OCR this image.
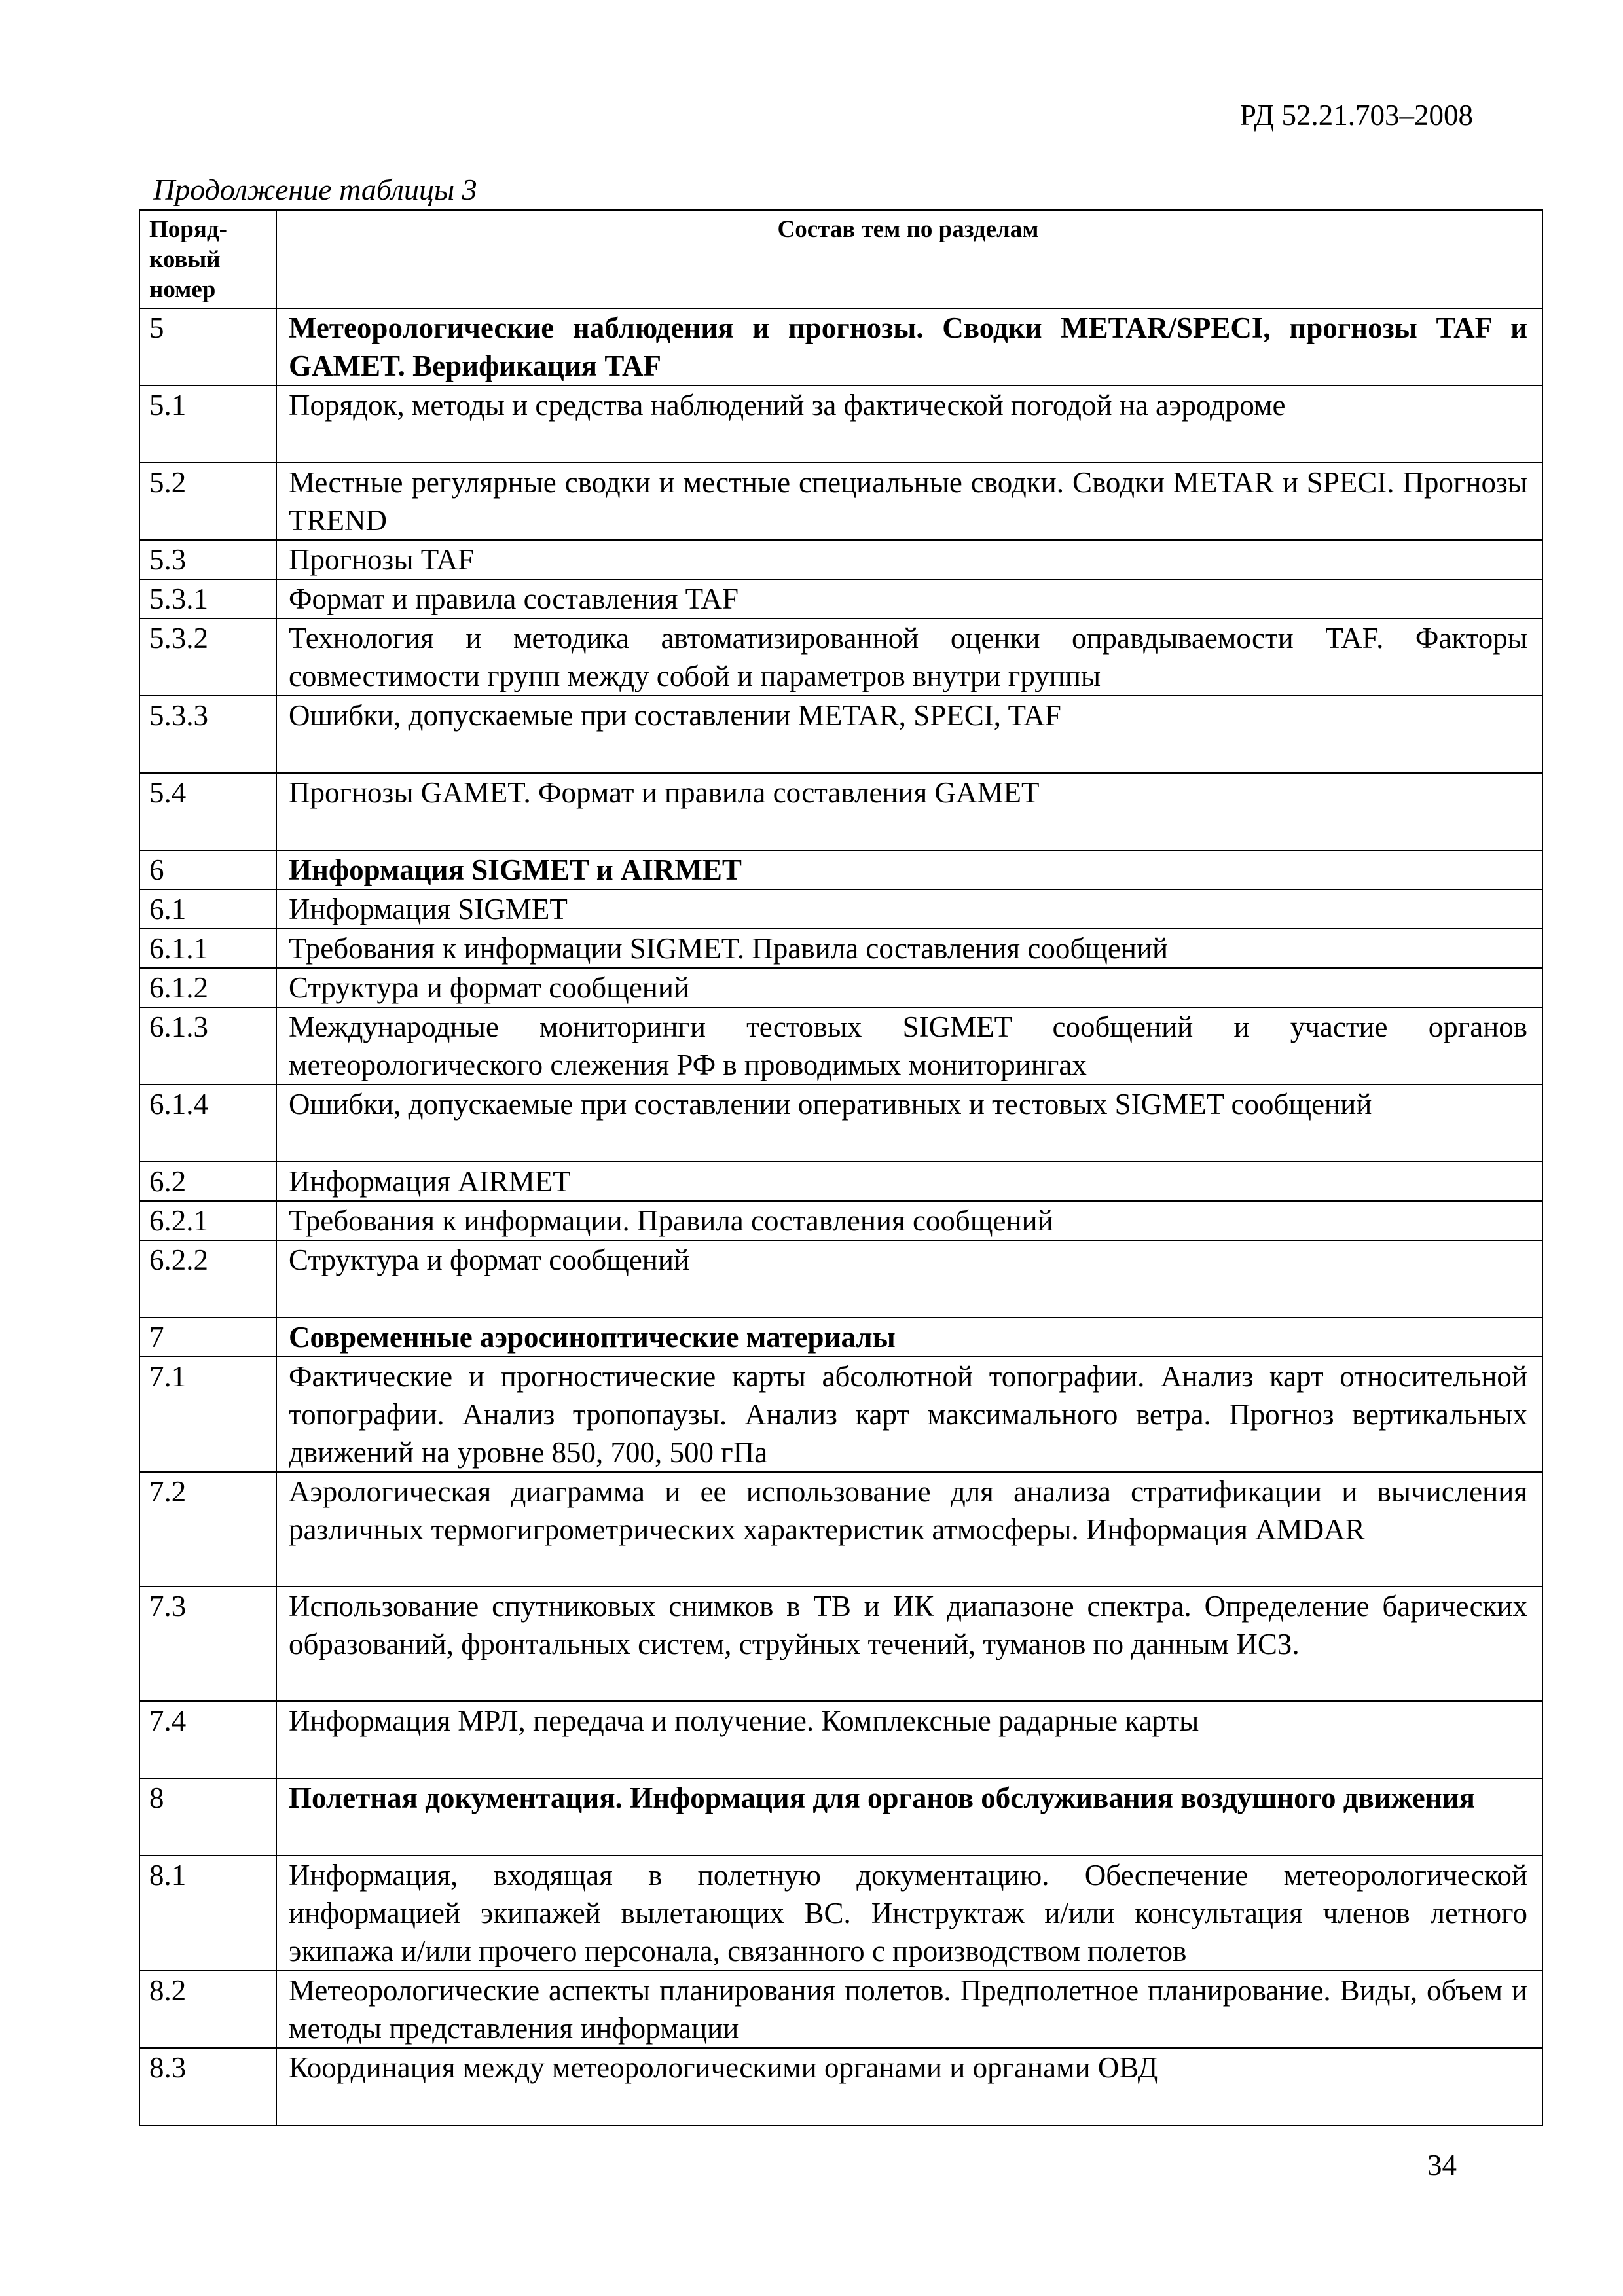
РД 52.21.703–2008
Продолжение таблицы 3
Поряд-ковый номер	Состав тем по разделам
5	Метеорологические наблюдения и прогнозы. Сводки METAR/SPECI, прогнозы TAF и GAMET. Верификация TAF
5.1	Порядок, методы и средства наблюдений за фактической погодой на аэродроме
5.2	Местные регулярные сводки и местные специальные сводки. Сводки METAR и SPECI. Прогнозы TREND
5.3	Прогнозы TAF
5.3.1	Формат и правила составления TAF
5.3.2	Технология и методика автоматизированной оценки оправдываемости TAF. Факторы совместимости групп между собой и параметров внутри группы
5.3.3	Ошибки, допускаемые при составлении METAR, SPECI, TAF
5.4	Прогнозы GAMET. Формат и правила составления GAMET
6	Информация SIGMET и AIRMET
6.1	Информация SIGMET
6.1.1	Требования к информации SIGMET. Правила составления сообщений
6.1.2	Структура и формат сообщений
6.1.3	Международные мониторинги тестовых SIGMET сообщений и участие органов метеорологического слежения РФ в проводимых мониторингах
6.1.4	Ошибки, допускаемые при составлении оперативных и тестовых SIGMET сообщений
6.2	Информация AIRMET
6.2.1	Требования к информации. Правила составления сообщений
6.2.2	Структура и формат сообщений
7	Современные аэросиноптические материалы
7.1	Фактические и прогностические карты абсолютной топографии. Анализ карт относительной топографии. Анализ тропопаузы. Анализ карт максимального ветра. Прогноз вертикальных движений на уровне 850, 700, 500 гПа
7.2	Аэрологическая диаграмма и ее использование для анализа стратификации и вычисления различных термогигрометрических характеристик атмосферы. Информация AMDAR
7.3	Использование спутниковых снимков в ТВ и ИК диапазоне спектра. Определение барических образований, фронтальных систем, струйных течений, туманов по данным ИСЗ.
7.4	Информация МРЛ, передача и получение. Комплексные радарные карты
8	Полетная документация. Информация для органов обслуживания воздушного движения
8.1	Информация, входящая в полетную документацию. Обеспечение метеорологической информацией экипажей вылетающих ВС. Инструктаж и/или консультация членов летного экипажа и/или прочего персонала, связанного с производством полетов
8.2	Метеорологические аспекты планирования полетов. Предполетное планирование. Виды, объем и методы представления информации
8.3	Координация между метеорологическими органами и органами ОВД
34
